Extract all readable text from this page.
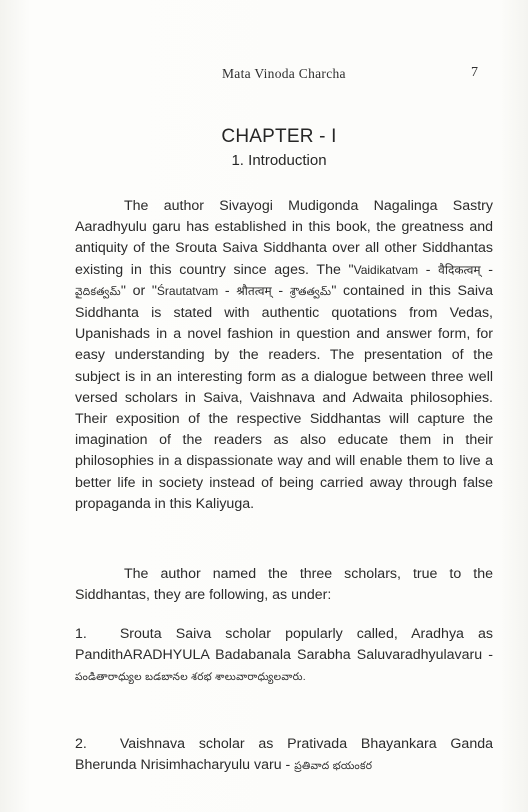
Mata Vinoda Charcha	7
CHAPTER - I
1. Introduction
The author Sivayogi Mudigonda Nagalinga Sastry Aaradhyulu garu has established in this book, the greatness and antiquity of the Srouta Saiva Siddhanta over all other Siddhantas existing in this country since ages. The "Vaidikatvam - वैदिकत्वम् - వైదికత్వమ్" or "Śrautatvam - श्रौतत्वम् - శ్రౌతత్వమ్" contained in this Saiva Siddhanta is stated with authentic quotations from Vedas, Upanishads in a novel fashion in question and answer form, for easy understanding by the readers. The presentation of the subject is in an interesting form as a dialogue between three well versed scholars in Saiva, Vaishnava and Adwaita philosophies. Their exposition of the respective Siddhantas will capture the imagination of the readers as also educate them in their philosophies in a dispassionate way and will enable them to live a better life in society instead of being carried away through false propaganda in this Kaliyuga.
The author named the three scholars, true to the Siddhantas, they are following, as under:
1. Srouta Saiva scholar popularly called, Aradhya as PandithARADHYULA Badabanala Sarabha Saluvaradhyulavaru - పండితారాధ్యుల బడబానల శరభ శాలువారాధ్యులవారు.
2. Vaishnava scholar as Prativada Bhayankara Ganda Bherunda Nrisimhacharyulu varu - ప్రతివాద భయంకర
